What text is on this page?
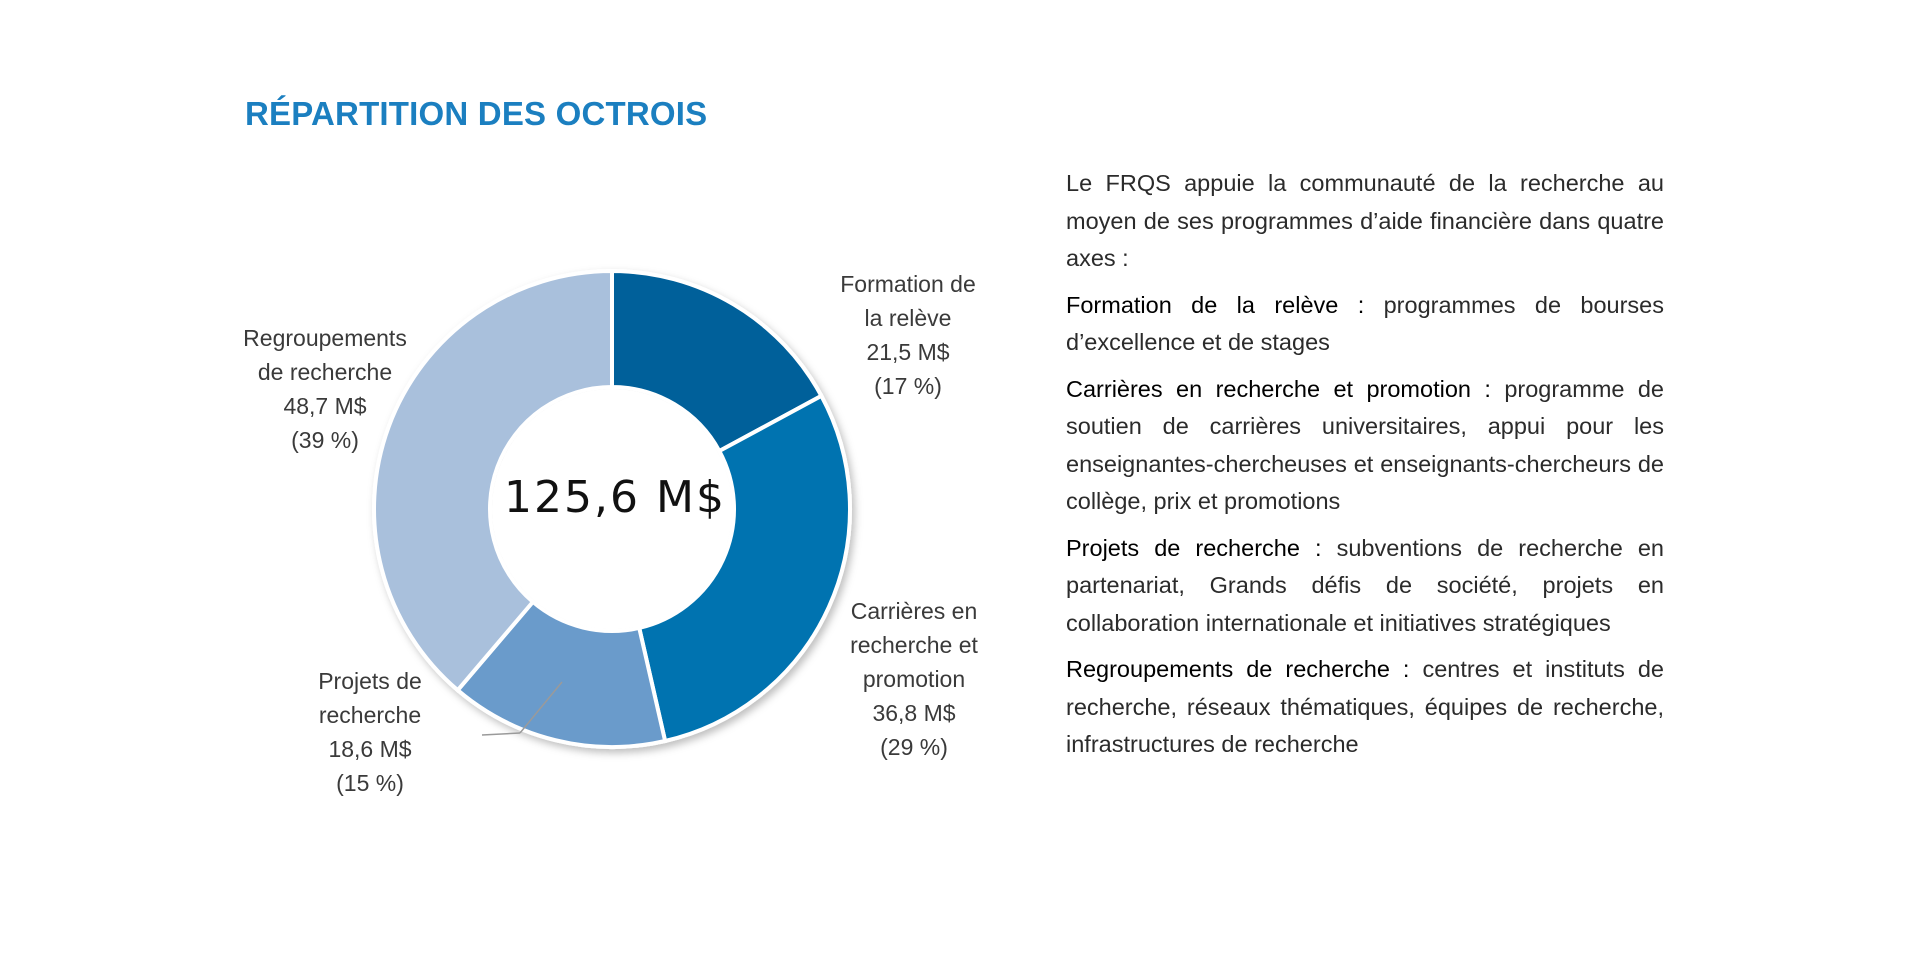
RÉPARTITION DES OCTROIS
125,6 M$
Formation de
la relève
21,5 M$
(17 %)
Carrières en
recherche et
promotion
36,8 M$
(29 %)
Projets de
recherche
18,6 M$
(15 %)
Regroupements
de recherche
48,7 M$
(39 %)

Le FRQS appuie la communauté de la recherche au moyen de ses programmes d’aide financière dans quatre axes :

Formation de la relève : programmes de bourses d’excellence et de stages

Carrières en recherche et promotion : programme de soutien de carrières universitaires, appui pour les enseignantes-chercheuses et enseignants-chercheurs de collège, prix et promotions

Projets de recherche : subventions de recherche en partenariat, Grands défis de société, projets en collaboration internationale et initiatives stratégiques

Regroupements de recherche : centres et instituts de recherche, réseaux thématiques, équipes de recherche, infrastructures de recherche
